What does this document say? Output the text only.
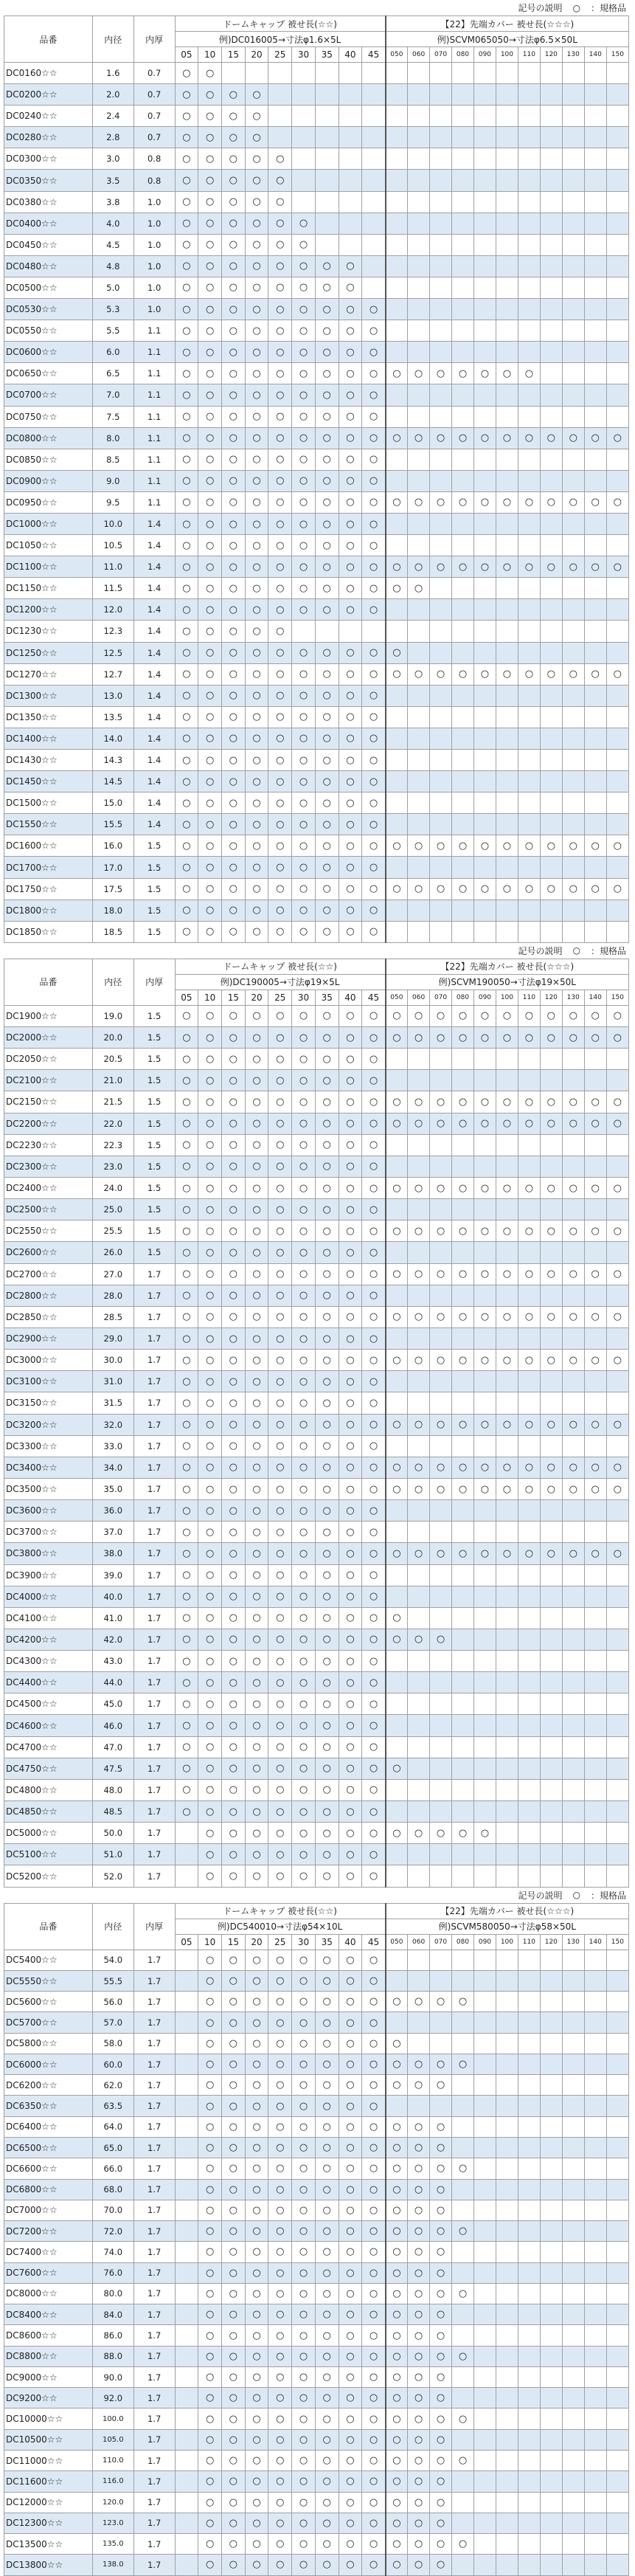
記号の説明 ○ ：規格品
品番	内径	内厚	ドームキャップ 被せ長(☆☆)									【22】先端カバー 被せ長(☆☆☆)										
			例)DC016005→寸法φ1.6×5L									例)SCVM065050→寸法φ6.5×50L										
			05	10	15	20	25	30	35	40	45	050	060	070	080	090	100	110	120	130	140	150
DC0160☆☆	1.6	0.7	○	○																		
DC0200☆☆	2.0	0.7	○	○	○	○																
DC0240☆☆	2.4	0.7	○	○	○	○																
DC0280☆☆	2.8	0.7	○	○	○	○																
DC0300☆☆	3.0	0.8	○	○	○	○	○															
DC0350☆☆	3.5	0.8	○	○	○	○	○															
DC0380☆☆	3.8	1.0	○	○	○	○	○															
DC0400☆☆	4.0	1.0	○	○	○	○	○	○														
DC0450☆☆	4.5	1.0	○	○	○	○	○	○														
DC0480☆☆	4.8	1.0	○	○	○	○	○	○	○	○												
DC0500☆☆	5.0	1.0	○	○	○	○	○	○	○	○												
DC0530☆☆	5.3	1.0	○	○	○	○	○	○	○	○	○											
DC0550☆☆	5.5	1.1	○	○	○	○	○	○	○	○	○											
DC0600☆☆	6.0	1.1	○	○	○	○	○	○	○	○	○											
DC0650☆☆	6.5	1.1	○	○	○	○	○	○	○	○	○	○	○	○	○	○	○	○				
DC0700☆☆	7.0	1.1	○	○	○	○	○	○	○	○	○											
DC0750☆☆	7.5	1.1	○	○	○	○	○	○	○	○	○											
DC0800☆☆	8.0	1.1	○	○	○	○	○	○	○	○	○	○	○	○	○	○	○	○	○	○	○	○
DC0850☆☆	8.5	1.1	○	○	○	○	○	○	○	○	○											
DC0900☆☆	9.0	1.1	○	○	○	○	○	○	○	○	○											
DC0950☆☆	9.5	1.1	○	○	○	○	○	○	○	○	○	○	○	○	○	○	○	○	○	○	○	○
DC1000☆☆	10.0	1.4	○	○	○	○	○	○	○	○	○											
DC1050☆☆	10.5	1.4	○	○	○	○	○	○	○	○	○											
DC1100☆☆	11.0	1.4	○	○	○	○	○	○	○	○	○	○	○	○	○	○	○	○	○	○	○	○
DC1150☆☆	11.5	1.4	○	○	○	○	○	○	○	○	○	○	○									
DC1200☆☆	12.0	1.4	○	○	○	○	○	○	○	○	○											
DC1230☆☆	12.3	1.4	○	○	○	○	○															
DC1250☆☆	12.5	1.4	○	○	○	○	○	○	○	○	○	○										
DC1270☆☆	12.7	1.4	○	○	○	○	○	○	○	○	○	○	○	○	○	○	○	○	○	○	○	○
DC1300☆☆	13.0	1.4	○	○	○	○	○	○	○	○	○											
DC1350☆☆	13.5	1.4	○	○	○	○	○	○	○	○	○											
DC1400☆☆	14.0	1.4	○	○	○	○	○	○	○	○	○											
DC1430☆☆	14.3	1.4	○	○	○	○	○	○	○	○	○											
DC1450☆☆	14.5	1.4	○	○	○	○	○	○	○	○	○											
DC1500☆☆	15.0	1.4	○	○	○	○	○	○	○	○	○											
DC1550☆☆	15.5	1.4	○	○	○	○	○	○	○	○	○											
DC1600☆☆	16.0	1.5	○	○	○	○	○	○	○	○	○	○	○	○	○	○	○	○	○	○	○	○
DC1700☆☆	17.0	1.5	○	○	○	○	○	○	○	○	○											
DC1750☆☆	17.5	1.5	○	○	○	○	○	○	○	○	○	○	○	○	○	○	○	○	○	○	○	○
DC1800☆☆	18.0	1.5	○	○	○	○	○	○	○	○	○											
DC1850☆☆	18.5	1.5	○	○	○	○	○	○	○	○	○											
記号の説明 ○ ：規格品
品番	内径	内厚	ドームキャップ 被せ長(☆☆)									【22】先端カバー 被せ長(☆☆☆)										
			例)DC190005→寸法φ19×5L									例)SCVM190050→寸法φ19×50L										
			05	10	15	20	25	30	35	40	45	050	060	070	080	090	100	110	120	130	140	150
DC1900☆☆	19.0	1.5	○	○	○	○	○	○	○	○	○	○	○	○	○	○	○	○	○	○	○	○
DC2000☆☆	20.0	1.5	○	○	○	○	○	○	○	○	○	○	○	○	○	○	○	○	○	○	○	○
DC2050☆☆	20.5	1.5	○	○	○	○	○	○	○	○	○											
DC2100☆☆	21.0	1.5	○	○	○	○	○	○	○	○	○											
DC2150☆☆	21.5	1.5	○	○	○	○	○	○	○	○	○	○	○	○	○	○	○	○	○	○	○	○
DC2200☆☆	22.0	1.5	○	○	○	○	○	○	○	○	○	○	○	○	○	○	○	○	○	○	○	○
DC2230☆☆	22.3	1.5	○	○	○	○	○	○	○	○	○											
DC2300☆☆	23.0	1.5	○	○	○	○	○	○	○	○	○											
DC2400☆☆	24.0	1.5	○	○	○	○	○	○	○	○	○	○	○	○	○	○	○	○	○	○	○	○
DC2500☆☆	25.0	1.5	○	○	○	○	○	○	○	○	○											
DC2550☆☆	25.5	1.5	○	○	○	○	○	○	○	○	○	○	○	○	○	○	○	○	○	○	○	○
DC2600☆☆	26.0	1.5	○	○	○	○	○	○	○	○	○											
DC2700☆☆	27.0	1.7	○	○	○	○	○	○	○	○	○	○	○	○	○	○	○	○	○	○	○	○
DC2800☆☆	28.0	1.7	○	○	○	○	○	○	○	○	○											
DC2850☆☆	28.5	1.7	○	○	○	○	○	○	○	○	○	○	○	○	○	○	○	○	○	○	○	○
DC2900☆☆	29.0	1.7	○	○	○	○	○	○	○	○	○											
DC3000☆☆	30.0	1.7	○	○	○	○	○	○	○	○	○	○	○	○	○	○	○	○	○	○	○	○
DC3100☆☆	31.0	1.7	○	○	○	○	○	○	○	○	○											
DC3150☆☆	31.5	1.7	○	○	○	○	○	○	○	○	○											
DC3200☆☆	32.0	1.7	○	○	○	○	○	○	○	○	○	○	○	○	○	○	○	○	○	○	○	○
DC3300☆☆	33.0	1.7	○	○	○	○	○	○	○	○	○											
DC3400☆☆	34.0	1.7	○	○	○	○	○	○	○	○	○	○	○	○	○	○	○	○	○	○	○	○
DC3500☆☆	35.0	1.7	○	○	○	○	○	○	○	○	○	○	○	○	○	○	○	○	○	○	○	○
DC3600☆☆	36.0	1.7	○	○	○	○	○	○	○	○	○											
DC3700☆☆	37.0	1.7	○	○	○	○	○	○	○	○	○											
DC3800☆☆	38.0	1.7	○	○	○	○	○	○	○	○	○	○	○	○	○	○	○	○	○	○	○	○
DC3900☆☆	39.0	1.7	○	○	○	○	○	○	○	○	○											
DC4000☆☆	40.0	1.7	○	○	○	○	○	○	○	○	○											
DC4100☆☆	41.0	1.7	○	○	○	○	○	○	○	○	○	○										
DC4200☆☆	42.0	1.7	○	○	○	○	○	○	○	○	○	○	○	○								
DC4300☆☆	43.0	1.7	○	○	○	○	○	○	○	○	○											
DC4400☆☆	44.0	1.7	○	○	○	○	○	○	○	○	○											
DC4500☆☆	45.0	1.7	○	○	○	○	○	○	○	○	○											
DC4600☆☆	46.0	1.7	○	○	○	○	○	○	○	○	○											
DC4700☆☆	47.0	1.7	○	○	○	○	○	○	○	○	○											
DC4750☆☆	47.5	1.7	○	○	○	○	○	○	○	○	○	○										
DC4800☆☆	48.0	1.7	○	○	○	○	○	○	○	○	○											
DC4850☆☆	48.5	1.7	○	○	○	○	○	○	○	○	○											
DC5000☆☆	50.0	1.7		○	○	○	○	○	○	○	○	○	○	○	○	○						
DC5100☆☆	51.0	1.7		○	○	○	○	○	○	○	○											
DC5200☆☆	52.0	1.7		○	○	○	○	○	○	○	○											
記号の説明 ○ ：規格品
品番	内径	内厚	ドームキャップ 被せ長(☆☆)									【22】先端カバー 被せ長(☆☆☆)										
			例)DC540010→寸法φ54×10L									例)SCVM580050→寸法φ58×50L										
			05	10	15	20	25	30	35	40	45	050	060	070	080	090	100	110	120	130	140	150
DC5400☆☆	54.0	1.7		○	○	○	○	○	○	○	○											
DC5550☆☆	55.5	1.7		○	○	○	○	○	○	○	○											
DC5600☆☆	56.0	1.7		○	○	○	○	○	○	○	○	○	○	○	○							
DC5700☆☆	57.0	1.7		○	○	○	○	○	○	○	○											
DC5800☆☆	58.0	1.7		○	○	○	○	○	○	○	○	○										
DC6000☆☆	60.0	1.7		○	○	○	○	○	○	○	○	○	○	○	○							
DC6200☆☆	62.0	1.7		○	○	○	○	○	○	○	○	○	○	○								
DC6350☆☆	63.5	1.7		○	○	○	○	○	○	○	○											
DC6400☆☆	64.0	1.7		○	○	○	○	○	○	○	○	○	○	○								
DC6500☆☆	65.0	1.7		○	○	○	○	○	○	○	○	○	○	○								
DC6600☆☆	66.0	1.7		○	○	○	○	○	○	○	○	○	○	○	○							
DC6800☆☆	68.0	1.7		○	○	○	○	○	○	○	○	○	○	○								
DC7000☆☆	70.0	1.7		○	○	○	○	○	○	○	○	○	○	○								
DC7200☆☆	72.0	1.7		○	○	○	○	○	○	○	○	○	○	○	○							
DC7400☆☆	74.0	1.7		○	○	○	○	○	○	○	○	○	○	○								
DC7600☆☆	76.0	1.7		○	○	○	○	○	○	○	○	○	○	○								
DC8000☆☆	80.0	1.7		○	○	○	○	○	○	○	○	○	○	○	○							
DC8400☆☆	84.0	1.7		○	○	○	○	○	○	○	○	○	○	○								
DC8600☆☆	86.0	1.7		○	○	○	○	○	○	○	○	○	○	○								
DC8800☆☆	88.0	1.7		○	○	○	○	○	○	○	○	○	○	○	○							
DC9000☆☆	90.0	1.7		○	○	○	○	○	○	○	○	○	○	○								
DC9200☆☆	92.0	1.7		○	○	○	○	○	○	○	○	○	○	○								
DC10000☆☆	100.0	1.7		○	○	○	○	○	○	○	○	○	○	○	○							
DC10500☆☆	105.0	1.7		○	○	○	○	○	○	○	○	○	○	○								
DC11000☆☆	110.0	1.7		○	○	○	○	○	○	○	○	○	○	○	○							
DC11600☆☆	116.0	1.7		○	○	○	○	○	○	○	○	○	○	○								
DC12000☆☆	120.0	1.7		○	○	○	○	○	○	○	○	○	○	○								
DC12300☆☆	123.0	1.7		○	○	○	○	○	○	○	○	○	○	○								
DC13500☆☆	135.0	1.7		○	○	○	○	○	○	○	○	○	○	○	○							
DC13800☆☆	138.0	1.7		○	○	○	○	○	○	○	○	○	○	○								
